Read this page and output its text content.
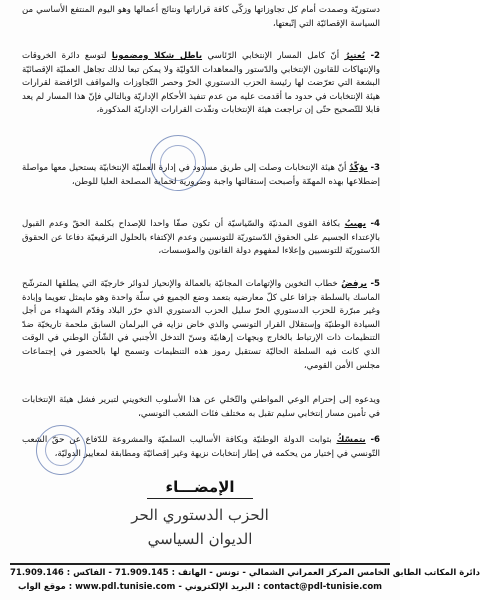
دستوريّة وصمدت أمام كل تجاوزاتها وزكّى كافة قراراتها ونتائج أعمالها وهو اليوم المنتفع الأساسي من السياسة الإقصائيّة التي إتّبعتها،
2- يُعتبِرُ أنّ كامل المسار الإنتخابي الرّئاسي باطل شكلا ومضمونا لتوسع دائرة الخروقات والإنتهاكات للقانون الإنتخابي والدّستور والمعاهدات الدّوليّة ولا يمكن تبعا لذلك تجاهل العمليّة الإقصائيّة البشعة التي تعرّضت لها رئيسة الحزب الدستوري الحرّ وحصر التّجاوزات والمواقف الرّافضة لقرارات هيئة الإنتخابات في حدود ما أقدمت عليه من عدم تنفيذ الأحكام الإداريّة وبالتالي فإنّ هذا المسار لم يعد قابلا للتّصحيح حتّى إن تراجعت هيئة الإنتخابات ونفّذت القرارات الإداريّة المذكورة،
3- يؤكّدُ أنّ هيئة الإنتخابات وصلت إلى طريق مسدود في إدارة العمليّة الإنتخابيّة يستحيل معها مواصلة إضطلاعها بهذه المهمّة وأصبحت إستقالتها واجبة وضرورية لحماية المصلحة العليا للوطن،
4- يهيبُ بكافة القوى المدنيّة والسّياسيّة أن تكون صفّا واحدا للإصداح بكلمة الحقّ وعدم القبول بالإعتداء الجسيم على الحقوق الدّستوريّة للتونسيين وعدم الإكتفاء بالحلول الترقيعيّة دفاعا عن الحقوق الدّستوريّة للتونسيين وإعلاءا لمفهوم دولة القانون والمؤسسات،
5- يرفضُ خطاب التخوين والإتهامات المجانيّة بالعمالة والإنحياز لدوائر خارجيّة التي يطلقها المترشّح الماسك بالسلطة جزافا على كلّ معارضيه بتعمد وضع الجميع في سلّة واحدة وهو مايمثل تعويما وإبادة وغير مبرّرة للحزب الدستوري الحرّ سليل الحزب الدستوري الذي حرّر البلاد وقدّم الشهداء من أجل السيادة الوطنيّة وإستقلال القرار التونسي والذي خاض نزايه في البرلمان السابق ملحمة تاريخيّة ضدّ التنظيمات ذات الإرتباط بالخارج وبجهات إرهابيّة وسنّ التدخل الأجنبي في الشّأن الوطني في الوقت الذي كانت فيه السلطة الحاليّة تستقبل رموز هذه التنظيمات وتسمح لها بالحضور في إجتماعات مجلس الأمن القومي،
ويدعوه إلى إحترام الوعي المواطني والتّخلي عن هذا الأسلوب التخويني لتبرير فشل هيئة الإنتخابات في تأمين مسار إنتخابي سليم تقبل به مختلف فئات الشعب التونسي،
6- يتمسّكُ بثوابت الدولة الوطنيّة وبكافة الأساليب السلميّة والمشروعة للدّفاع عن حقّ الشعب التّونسي في إختيار من يحكمه في إطار إنتخابات نزيهة وغير إقصائيّة ومطابقة لمعايير الدوليّة،
الإمضـــاء
الحزب الدستوري الحر
الديوان السياسي
دائرة المكاتب الطابق الخامس المركز العمراني الشمالي - تونس - الهاتف : 71.909.145 - الفاكس : 71.909.146
موقع الواب : www.pdl.tunisie.com - البريد الإلكتروني : contact@pdl-tunisie.com
